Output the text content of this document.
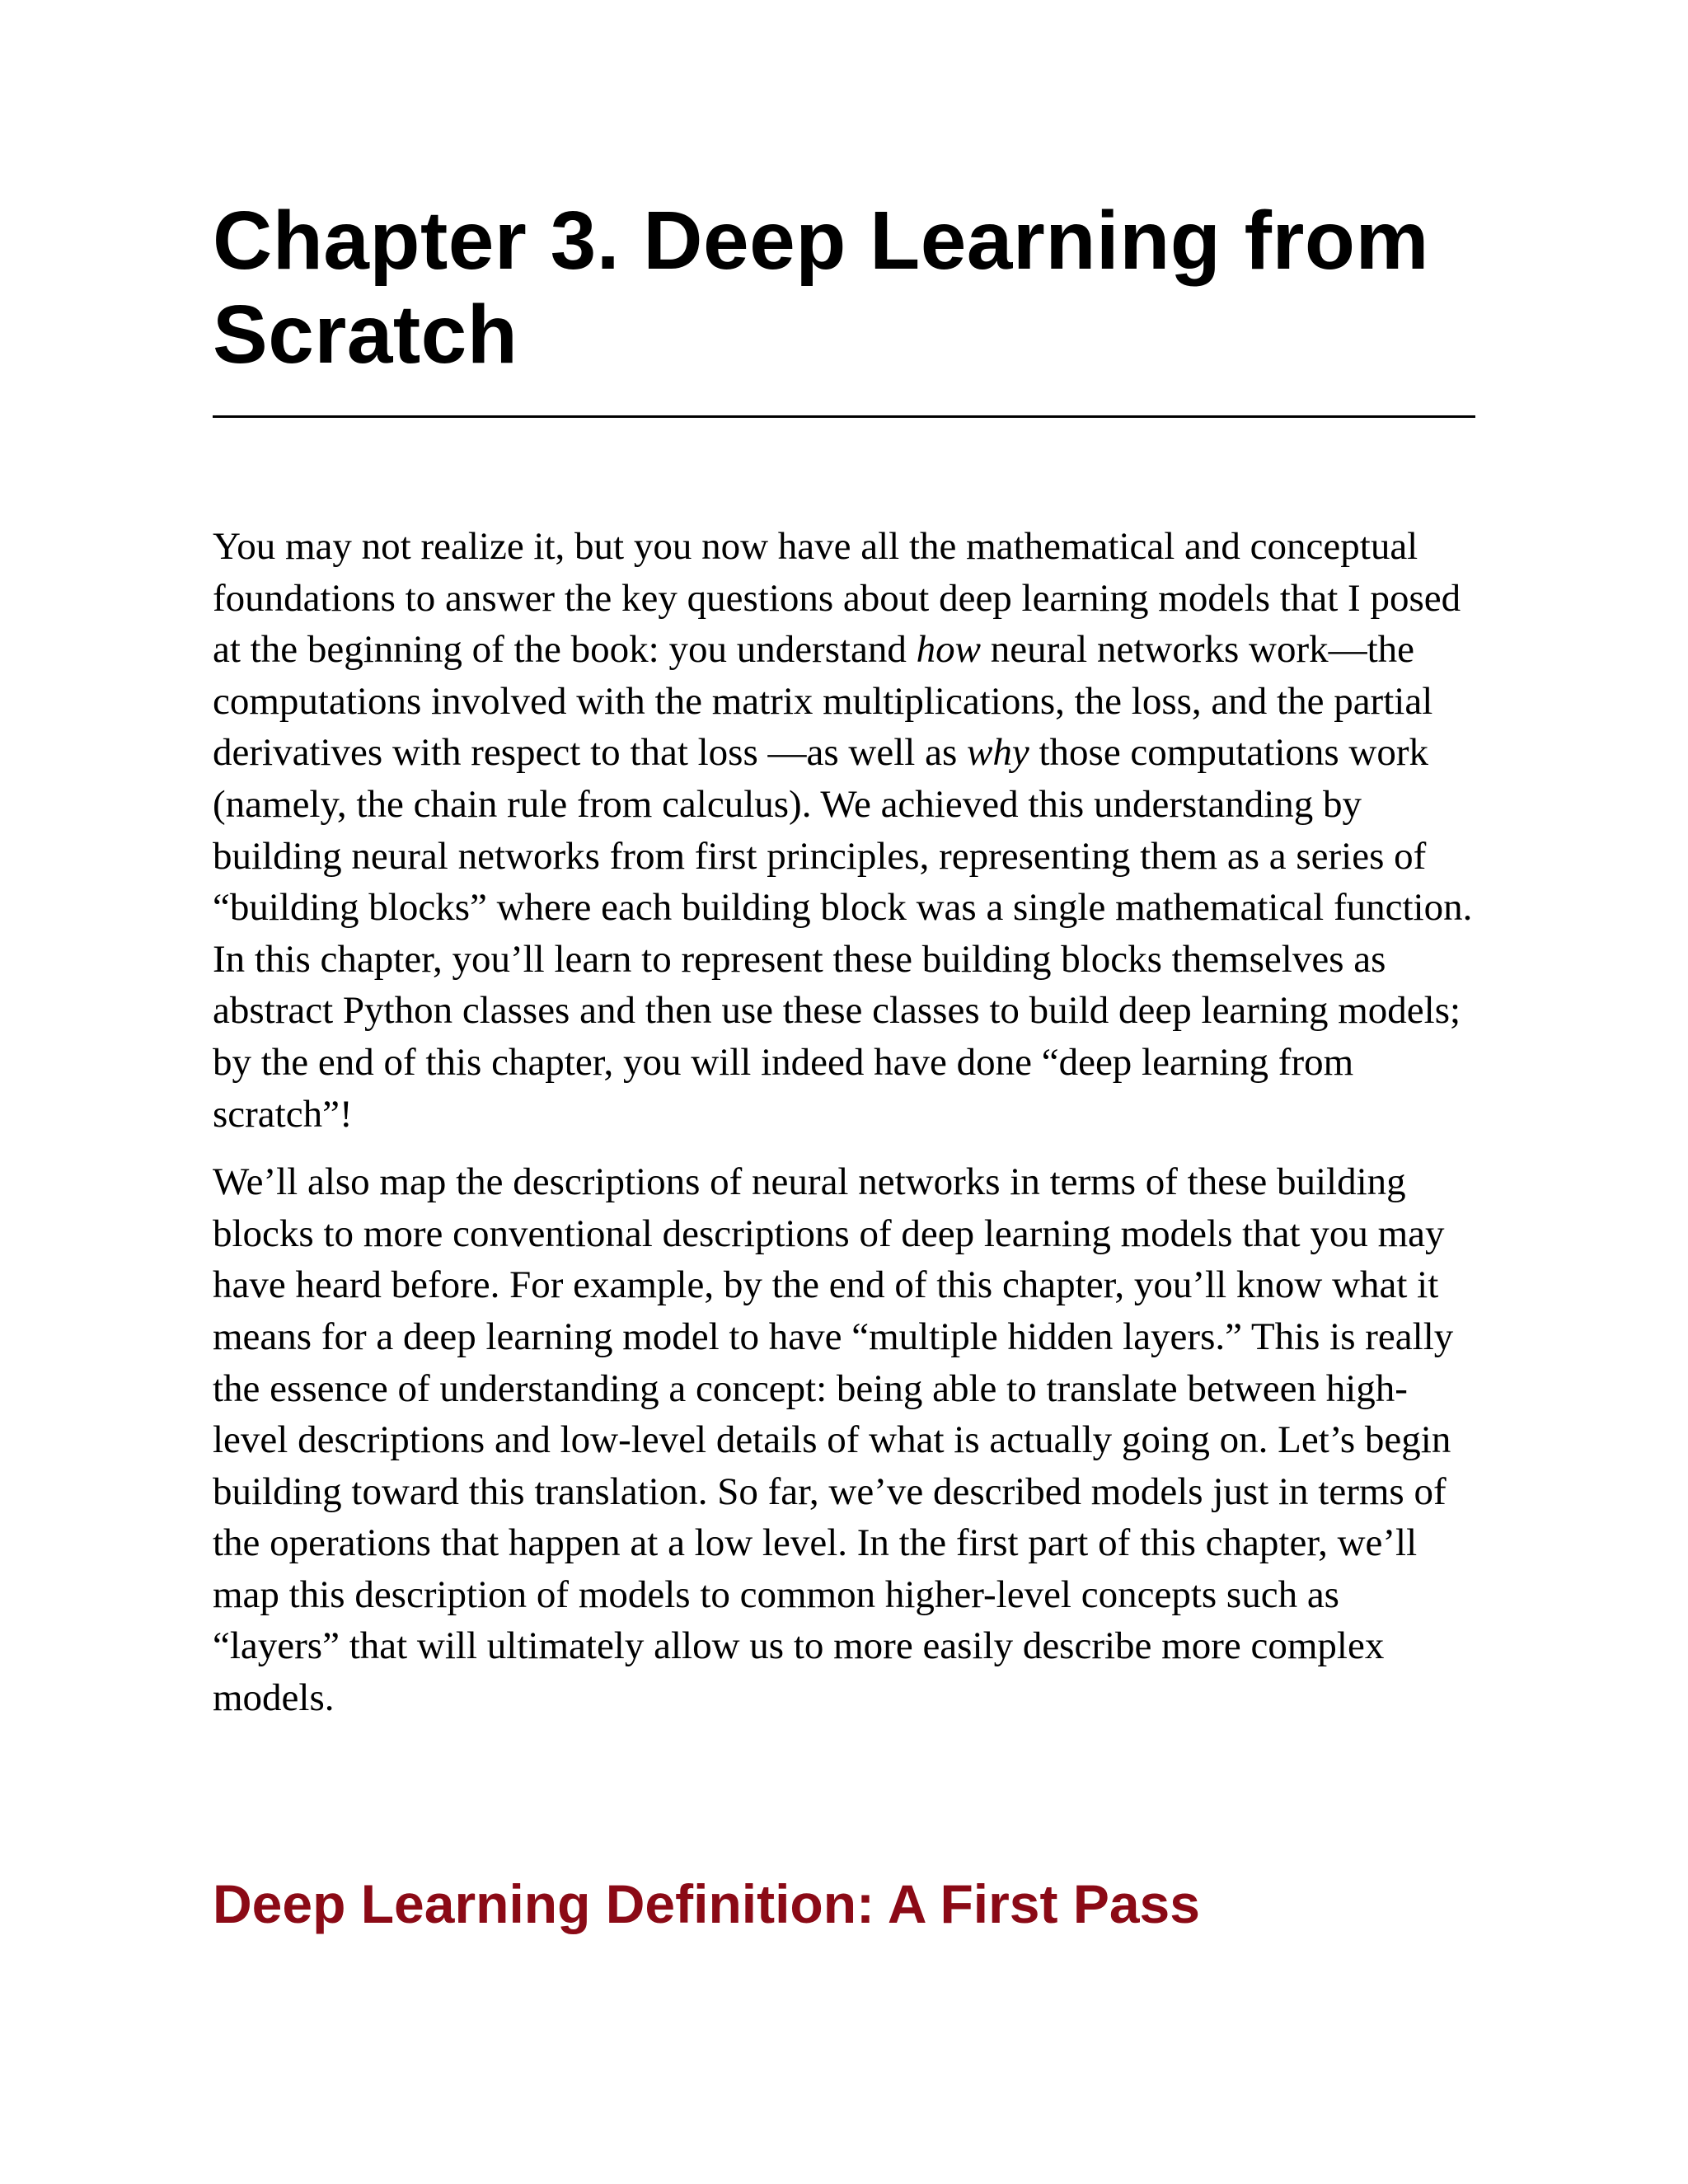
Chapter 3. Deep Learning from Scratch

You may not realize it, but you now have all the mathematical and conceptual foundations to answer the key questions about deep learning models that I posed at the beginning of the book: you understand how neural networks work—the computations involved with the matrix multiplications, the loss, and the partial derivatives with respect to that loss —as well as why those computations work (namely, the chain rule from calculus). We achieved this understanding by building neural networks from first principles, representing them as a series of “building blocks” where each building block was a single mathematical function. In this chapter, you’ll learn to represent these building blocks themselves as abstract Python classes and then use these classes to build deep learning models; by the end of this chapter, you will indeed have done “deep learning from scratch”!

We’ll also map the descriptions of neural networks in terms of these building blocks to more conventional descriptions of deep learning models that you may have heard before. For example, by the end of this chapter, you’ll know what it means for a deep learning model to have “multiple hidden layers.” This is really the essence of understanding a concept: being able to translate between high-level descriptions and low-level details of what is actually going on. Let’s begin building toward this translation. So far, we’ve described models just in terms of the operations that happen at a low level. In the first part of this chapter, we’ll map this description of models to common higher-level concepts such as “layers” that will ultimately allow us to more easily describe more complex models.

Deep Learning Definition: A First Pass
